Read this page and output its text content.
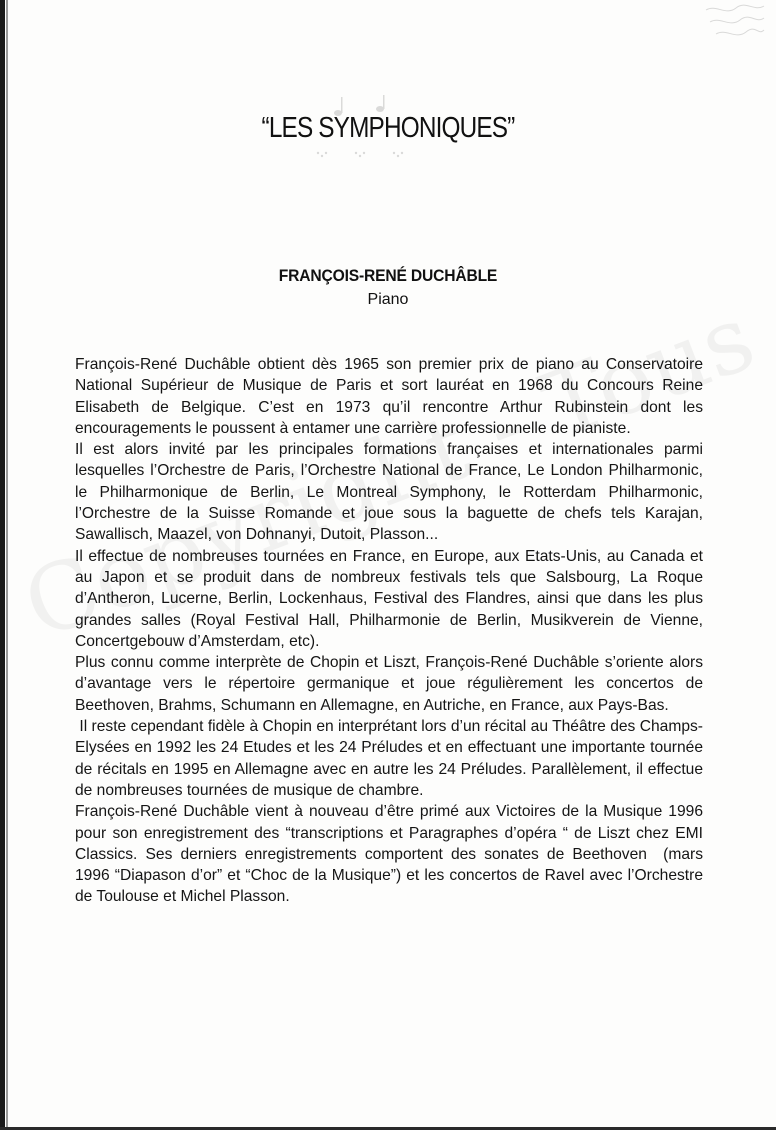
“LES SYMPHONIQUES”
FRANÇOIS-RENÉ DUCHÂBLE
Piano

François-René Duchâble obtient dès 1965 son premier prix de piano au Conservatoire National Supérieur de Musique de Paris et sort lauréat en 1968 du Concours Reine Elisabeth de Belgique. C’est en 1973 qu’il rencontre Arthur Rubinstein dont les encouragements le poussent à entamer une carrière professionnelle de pianiste.

Il est alors invité par les principales formations françaises et internationales parmi lesquelles l’Orchestre de Paris, l’Orchestre National de France, Le London Philharmonic, le Philharmonique de Berlin, Le Montreal Symphony, le Rotterdam Philharmonic, l’Orchestre de la Suisse Romande et joue sous la baguette de chefs tels Karajan, Sawallisch, Maazel, von Dohnanyi, Dutoit, Plasson...

Il effectue de nombreuses tournées en France, en Europe, aux Etats-Unis, au Canada et au Japon et se produit dans de nombreux festivals tels que Salsbourg, La Roque d’Antheron, Lucerne, Berlin, Lockenhaus, Festival des Flandres, ainsi que dans les plus grandes salles (Royal Festival Hall, Philharmonie de Berlin, Musikverein de Vienne, Concertgebouw d’Amsterdam, etc).

Plus connu comme interprète de Chopin et Liszt, François-René Duchâble s’oriente alors d’avantage vers le répertoire germanique et joue régulièrement les concertos de Beethoven, Brahms, Schumann en Allemagne, en Autriche, en France, aux Pays-Bas.

Il reste cependant fidèle à Chopin en interprétant lors d’un récital au Théâtre des Champs-Elysées en 1992 les 24 Etudes et les 24 Préludes et en effectuant une importante tournée de récitals en 1995 en Allemagne avec en autre les 24 Préludes. Parallèlement, il effectue de nombreuses tournées de musique de chambre.

François-René Duchâble vient à nouveau d’être primé aux Victoires de la Musique 1996 pour son enregistrement des “transcriptions et Paragraphes d’opéra “ de Liszt chez EMI Classics. Ses derniers enregistrements comportent des sonates de Beethoven  (mars 1996 “Diapason d’or” et “Choc de la Musique”) et les concertos de Ravel avec l’Orchestre de Toulouse et Michel Plasson.
